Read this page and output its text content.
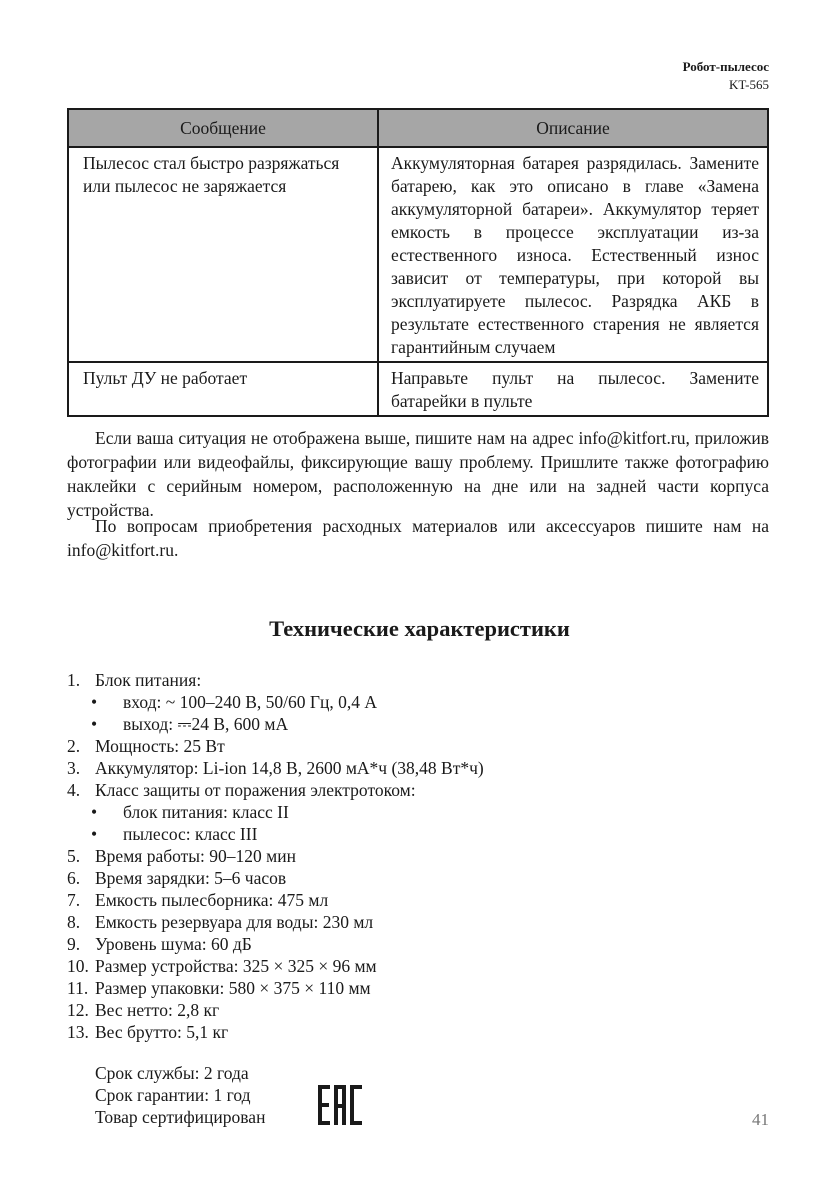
Робот-пылесос
KT-565
Сообщение	Описание
Пылесос стал быстро разряжаться или пылесос не заряжается	Аккумуляторная батарея разрядилась. Замените батарею, как это описано в главе «Замена аккумуляторной батареи». Аккумулятор теряет емкость в процессе эксплуатации из-за естественного износа. Естественный износ зависит от температуры, при которой вы эксплуатируете пылесос. Разрядка АКБ в результате естественного старения не является гарантийным случаем
Пульт ДУ не работает	Направьте пульт на пылесос. Замените батарейки в пульте

Если ваша ситуация не отображена выше, пишите нам на адрес info@kitfort.ru, приложив фотографии или видеофайлы, фиксирующие вашу проблему. Пришлите также фотографию наклейки с серийным номером, расположенную на дне или на задней части корпуса устройства.

По вопросам приобретения расходных материалов или аксессуаров пишите нам на info@kitfort.ru.

Технические характеристики
1. Блок питания:
• вход: ~ 100–240 В, 50/60 Гц, 0,4 А
• выход: ⎓24 В, 600 мА
2. Мощность: 25 Вт
3. Аккумулятор: Li-ion 14,8 В, 2600 мА*ч (38,48 Вт*ч)
4. Класс защиты от поражения электротоком:
• блок питания: класс II
• пылесос: класс III
5. Время работы: 90–120 мин
6. Время зарядки: 5–6 часов
7. Емкость пылесборника: 475 мл
8. Емкость резервуара для воды: 230 мл
9. Уровень шума: 60 дБ
10. Размер устройства: 325 × 325 × 96 мм
11. Размер упаковки: 580 × 375 × 110 мм
12. Вес нетто: 2,8 кг
13. Вес брутто: 5,1 кг
Срок службы: 2 года
Срок гарантии: 1 год
Товар сертифицирован	41
